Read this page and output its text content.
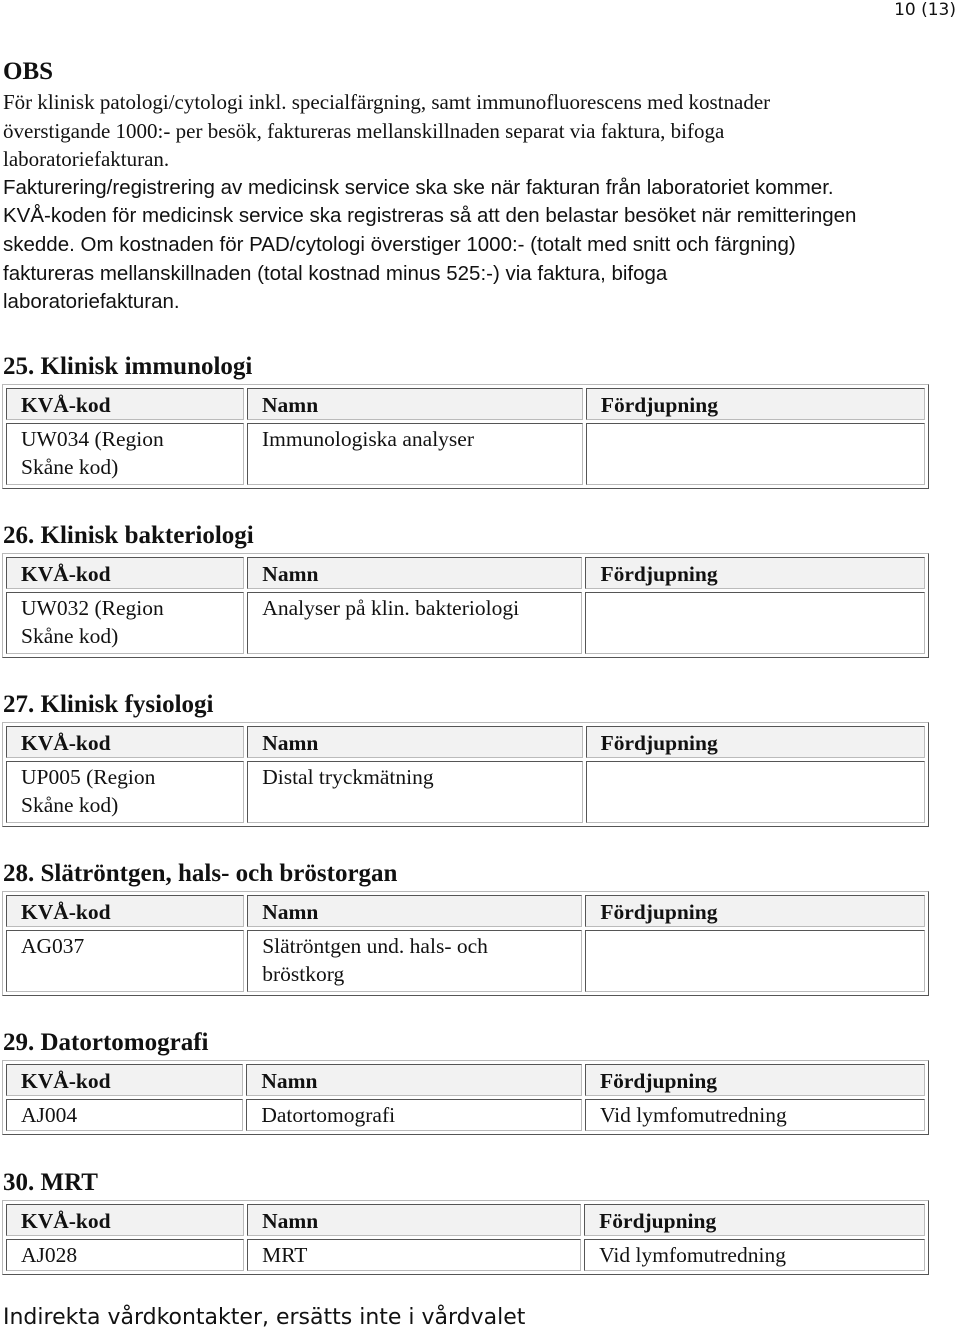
10 (13)
OBS

För klinisk patologi/cytologi inkl. specialfärgning, samt immunofluorescens med kostnader

överstigande 1000:- per besök, faktureras mellanskillnaden separat via faktura, bifoga

laboratoriefakturan.

Fakturering/registrering av medicinsk service ska ske när fakturan från laboratoriet kommer.

KVÅ-koden för medicinsk service ska registreras så att den belastar besöket när remitteringen

skedde. Om kostnaden för PAD/cytologi överstiger 1000:- (totalt med snitt och färgning)

faktureras mellanskillnaden (total kostnad minus 525:-) via faktura, bifoga

laboratoriefakturan.

25. Klinisk immunologi
KVÅ-kod	Namn	Fördjupning
UW034 (Region
Skåne kod)	Immunologiska analyser	
26. Klinisk bakteriologi
KVÅ-kod	Namn	Fördjupning
UW032 (Region
Skåne kod)	Analyser på klin. bakteriologi	
27. Klinisk fysiologi
KVÅ-kod	Namn	Fördjupning
UP005 (Region
Skåne kod)	Distal tryckmätning	
28. Slätröntgen, hals- och bröstorgan
KVÅ-kod	Namn	Fördjupning
AG037	Slätröntgen und. hals- och
bröstkorg	
29. Datortomografi
KVÅ-kod	Namn	Fördjupning
AJ004	Datortomografi	Vid lymfomutredning
30. MRT
KVÅ-kod	Namn	Fördjupning
AJ028	MRT	Vid lymfomutredning
Indirekta vårdkontakter, ersätts inte i vårdvalet
